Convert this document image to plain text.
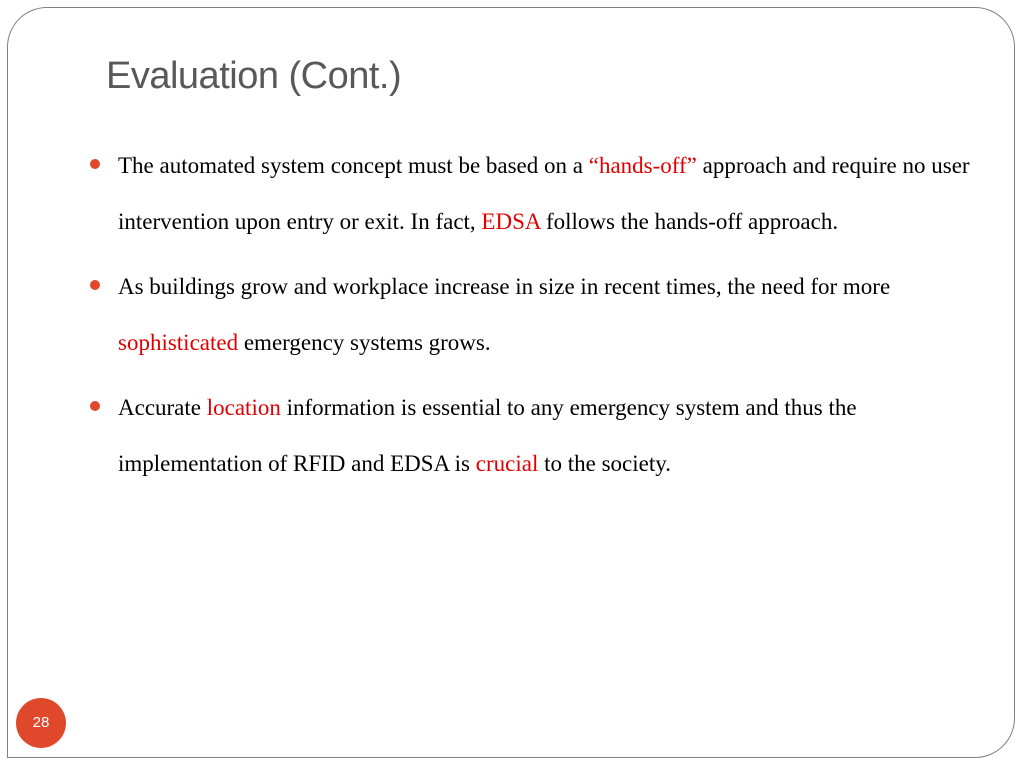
Evaluation (Cont.)
The automated system concept must be based on a “hands-off” approach and require no user intervention upon entry or exit. In fact, EDSA follows the hands-off approach.
As buildings grow and workplace increase in size in recent times, the need for more sophisticated emergency systems grows.
Accurate location information is essential to any emergency system and thus the implementation of RFID and EDSA is crucial to the society.
28
